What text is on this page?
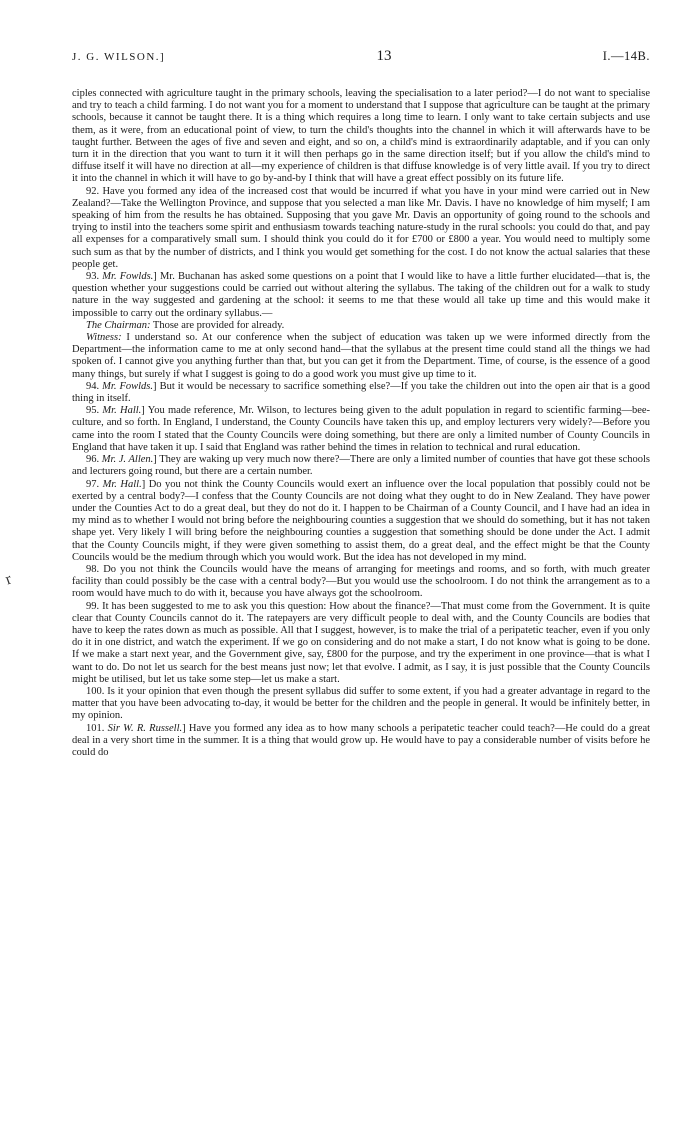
r
J. G. WILSON.]	13	I.—14B.

ciples connected with agriculture taught in the primary schools, leaving the specialisation to a later period?—I do not want to specialise and try to teach a child farming. I do not want you for a moment to understand that I suppose that agriculture can be taught at the primary schools, because it cannot be taught there. It is a thing which requires a long time to learn. I only want to take certain subjects and use them, as it were, from an educational point of view, to turn the child's thoughts into the channel in which it will afterwards have to be taught further. Between the ages of five and seven and eight, and so on, a child's mind is extraordinarily adaptable, and if you can only turn it in the direction that you want to turn it it will then perhaps go in the same direction itself; but if you allow the child's mind to diffuse itself it will have no direction at all—my experience of children is that diffuse knowledge is of very little avail. If you try to direct it into the channel in which it will have to go by-and-by I think that will have a great effect possibly on its future life.

92. Have you formed any idea of the increased cost that would be incurred if what you have in your mind were carried out in New Zealand?—Take the Wellington Province, and suppose that you selected a man like Mr. Davis. I have no knowledge of him myself; I am speaking of him from the results he has obtained. Supposing that you gave Mr. Davis an opportunity of going round to the schools and trying to instil into the teachers some spirit and enthusiasm towards teaching nature-study in the rural schools: you could do that, and pay all expenses for a comparatively small sum. I should think you could do it for £700 or £800 a year. You would need to multiply some such sum as that by the number of districts, and I think you would get something for the cost. I do not know the actual salaries that these people get.

93. Mr. Fowlds.] Mr. Buchanan has asked some questions on a point that I would like to have a little further elucidated—that is, the question whether your suggestions could be carried out without altering the syllabus. The taking of the children out for a walk to study nature in the way suggested and gardening at the school: it seems to me that these would all take up time and this would make it impossible to carry out the ordinary syllabus.—

The Chairman: Those are provided for already.

Witness: I understand so. At our conference when the subject of education was taken up we were informed directly from the Department—the information came to me at only second hand—that the syllabus at the present time could stand all the things we had spoken of. I cannot give you anything further than that, but you can get it from the Department. Time, of course, is the essence of a good many things, but surely if what I suggest is going to do a good work you must give up time to it.

94. Mr. Fowlds.] But it would be necessary to sacrifice something else?—If you take the children out into the open air that is a good thing in itself.

95. Mr. Hall.] You made reference, Mr. Wilson, to lectures being given to the adult population in regard to scientific farming—bee-culture, and so forth. In England, I understand, the County Councils have taken this up, and employ lecturers very widely?—Before you came into the room I stated that the County Councils were doing something, but there are only a limited number of County Councils in England that have taken it up. I said that England was rather behind the times in relation to technical and rural education.

96. Mr. J. Allen.] They are waking up very much now there?—There are only a limited number of counties that have got these schools and lecturers going round, but there are a certain number.

97. Mr. Hall.] Do you not think the County Councils would exert an influence over the local population that possibly could not be exerted by a central body?—I confess that the County Councils are not doing what they ought to do in New Zealand. They have power under the Counties Act to do a great deal, but they do not do it. I happen to be Chairman of a County Council, and I have had an idea in my mind as to whether I would not bring before the neighbouring counties a suggestion that we should do something, but it has not taken shape yet. Very likely I will bring before the neighbouring counties a suggestion that something should be done under the Act. I admit that the County Councils might, if they were given something to assist them, do a great deal, and the effect might be that the County Councils would be the medium through which you would work. But the idea has not developed in my mind.

98. Do you not think the Councils would have the means of arranging for meetings and rooms, and so forth, with much greater facility than could possibly be the case with a central body?—But you would use the schoolroom. I do not think the arrangement as to a room would have much to do with it, because you have always got the schoolroom.

99. It has been suggested to me to ask you this question: How about the finance?—That must come from the Government. It is quite clear that County Councils cannot do it. The ratepayers are very difficult people to deal with, and the County Councils are bodies that have to keep the rates down as much as possible. All that I suggest, however, is to make the trial of a peripatetic teacher, even if you only do it in one district, and watch the experiment. If we go on considering and do not make a start, I do not know what is going to be done. If we make a start next year, and the Government give, say, £800 for the purpose, and try the experiment in one province—that is what I want to do. Do not let us search for the best means just now; let that evolve. I admit, as I say, it is just possible that the County Councils might be utilised, but let us take some step—let us make a start.

100. Is it your opinion that even though the present syllabus did suffer to some extent, if you had a greater advantage in regard to the matter that you have been advocating to-day, it would be better for the children and the people in general. It would be infinitely better, in my opinion.

101. Sir W. R. Russell.] Have you formed any idea as to how many schools a peripatetic teacher could teach?—He could do a great deal in a very short time in the summer. It is a thing that would grow up. He would have to pay a considerable number of visits before he could do
